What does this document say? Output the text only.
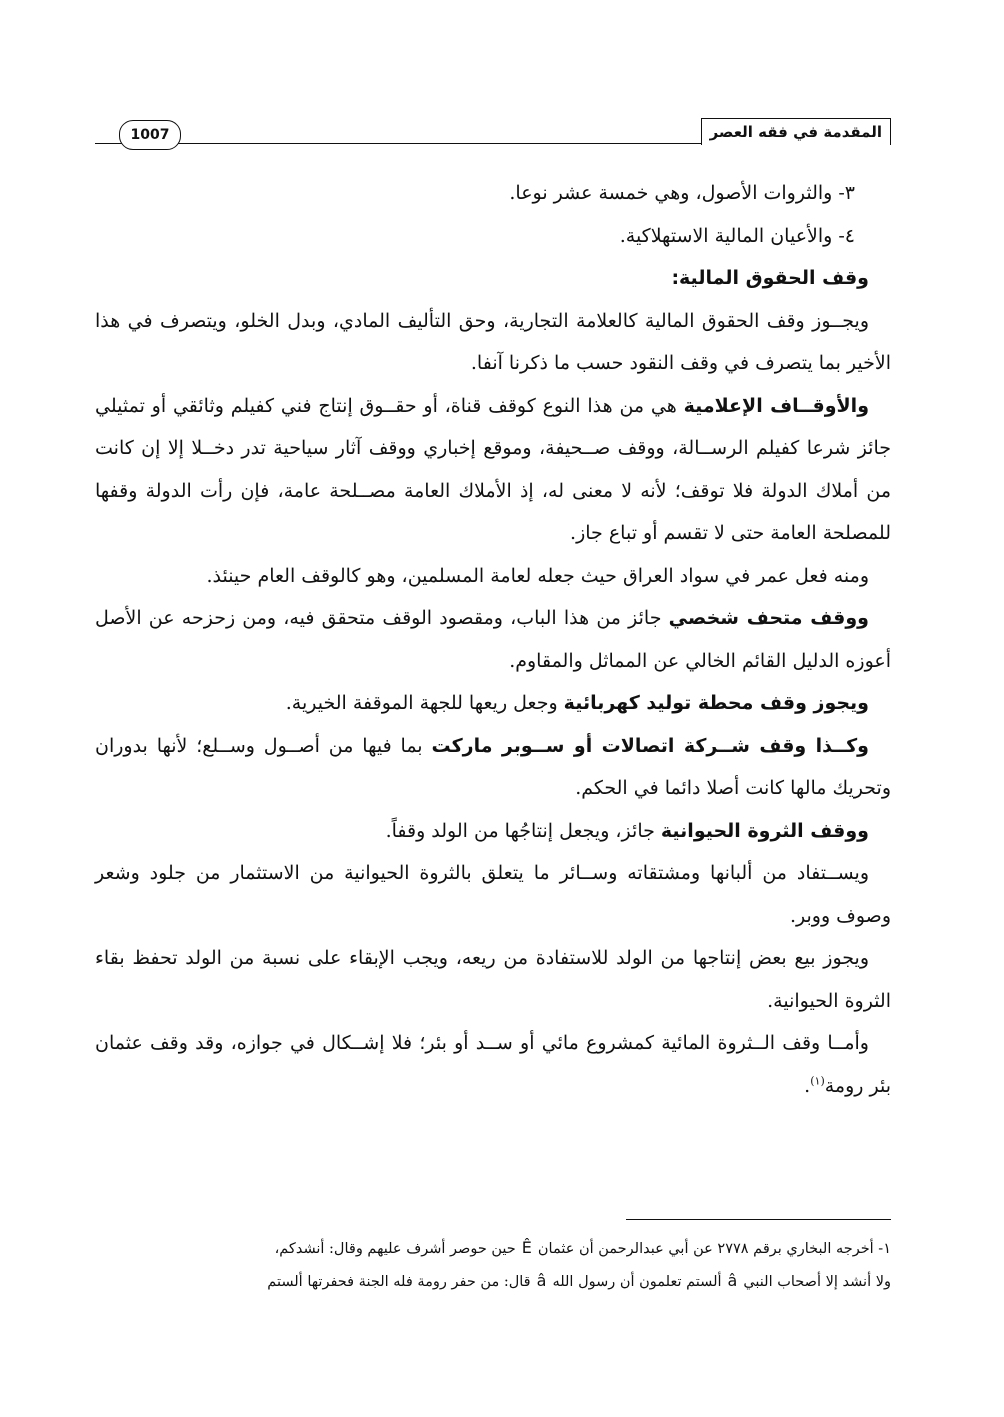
المقدمة في فقه العصر
1007

٣- والثروات الأصول، وهي خمسة عشر نوعا.

٤- والأعيان المالية الاستهلاكية.

وقف الحقوق المالية:

ويجــوز وقف الحقوق المالية كالعلامة التجارية، وحق التأليف المادي، وبدل الخلو، ويتصرف في هذا الأخير بما يتصرف في وقف النقود حسب ما ذكرنا آنفا.

والأوقــاف الإعلامية هي من هذا النوع كوقف قناة، أو حقــوق إنتاج فني كفيلم وثائقي أو تمثيلي جائز شرعا كفيلم الرســالة، ووقف صــحيفة، وموقع إخباري ووقف آثار سياحية تدر دخــلا إلا إن كانت من أملاك الدولة فلا توقف؛ لأنه لا معنى له، إذ الأملاك العامة مصــلحة عامة، فإن رأت الدولة وقفها للمصلحة العامة حتى لا تقسم أو تباع جاز.

ومنه فعل عمر في سواد العراق حيث جعله لعامة المسلمين، وهو كالوقف العام حينئذ.

ووقف متحف شخصي جائز من هذا الباب، ومقصود الوقف متحقق فيه، ومن زحزحه عن الأصل أعوزه الدليل القائم الخالي عن المماثل والمقاوم.

ويجوز وقف محطة توليد كهربائية وجعل ريعها للجهة الموقفة الخيرية.

وكــذا وقف شــركة اتصالات أو ســوبر ماركت بما فيها من أصــول وســلع؛ لأنها بدوران وتحريك مالها كانت أصلا دائما في الحكم.

ووقف الثروة الحيوانية جائز، ويجعل إنتاجُها من الولد وقفاً.

ويســتفاد من ألبانها ومشتقاته وســائر ما يتعلق بالثروة الحيوانية من الاستثمار من جلود وشعر وصوف ووبر.

ويجوز بيع بعض إنتاجها من الولد للاستفادة من ريعه، ويجب الإبقاء على نسبة من الولد تحفظ بقاء الثروة الحيوانية.

وأمــا وقف الــثروة المائية كمشروع مائي أو ســد أو بئر؛ فلا إشــكال في جوازه، وقد وقف عثمان بئر رومة$^{(١)}$.

١- أخرجه البخاري برقم ٢٧٧٨ عن أبي عبدالرحمن أن عثمانÊحين حوصر أشرف عليهم وقال: أنشدكم،

ولا أنشد إلا أصحاب النبيâألستم تعلمون أن رسول اللهâقال: من حفر رومة فله الجنة فحفرتها ألستم
